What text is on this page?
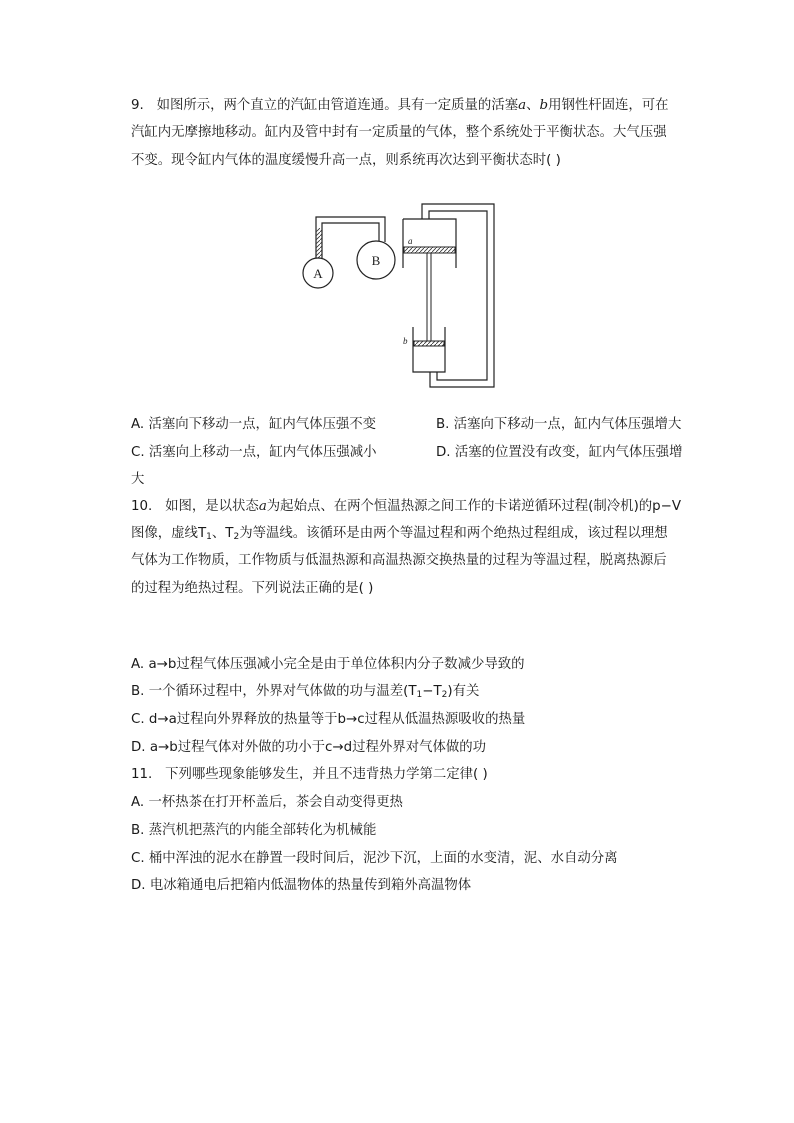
9. 如图所示，两个直立的汽缸由管道连通。具有一定质量的活塞a、b用钢性杆固连，可在
汽缸内无摩擦地移动。缸内及管中封有一定质量的气体，整个系统处于平衡状态。大气压强
不变。现令缸内气体的温度缓慢升高一点，则系统再次达到平衡状态时( )
A
B
a
b
A. 活塞向下移动一点，缸内气体压强不变	B. 活塞向下移动一点，缸内气体压强增大
C. 活塞向上移动一点，缸内气体压强减小	D. 活塞的位置没有改变，缸内气体压强增
大
10. 如图，是以状态a为起始点、在两个恒温热源之间工作的卡诺逆循环过程(制冷机)的p−V
图像，虚线$T_1$、$T_2$为等温线。该循环是由两个等温过程和两个绝热过程组成，该过程以理想
气体为工作物质，工作物质与低温热源和高温热源交换热量的过程为等温过程，脱离热源后
的过程为绝热过程。下列说法正确的是( )
A. a→b过程气体压强减小完全是由于单位体积内分子数减少导致的
B. 一个循环过程中，外界对气体做的功与温差$(T_1-T_2)$有关
C. d→a过程向外界释放的热量等于b→c过程从低温热源吸收的热量
D. a→b过程气体对外做的功小于c→d过程外界对气体做的功
11. 下列哪些现象能够发生，并且不违背热力学第二定律( )
A. 一杯热茶在打开杯盖后，茶会自动变得更热
B. 蒸汽机把蒸汽的内能全部转化为机械能
C. 桶中浑浊的泥水在静置一段时间后，泥沙下沉，上面的水变清，泥、水自动分离
D. 电冰箱通电后把箱内低温物体的热量传到箱外高温物体
